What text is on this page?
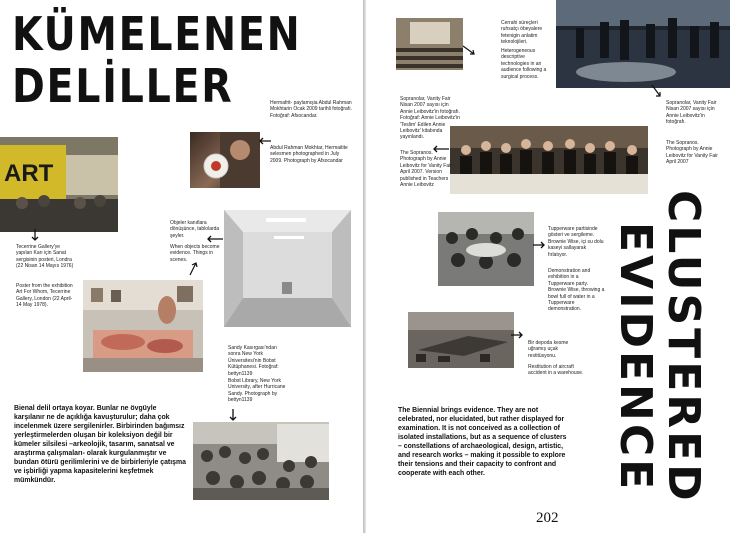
KÜMELENEN
DELİLLER	Hermafrit- paylamışia Abdul Rahman Mokhtarin Ocak 2009 tarihli fotoğrafı. Fotoğraf: Afsocandar.
Abdul Rahman Mokhtar, Hermaitite selesmen photographed in July 2009. Photograph by Afsocandar
ART
Tecerrine Gallery'ye yapılan Karı için Sanat sergisinin posteri, Londra (22 Nisan 14 Mayıs 1976)
Poster from the exhibition Art For Whom, Tecerrine Gallery, London (22 April- 14 May 1978).
Objeler kanıtlara dönüşünce, tablolarda şeyler.
When objects become evidence. Things in scenes.
Sandy Kasırgası'ndan sonra New York Üniversitesi'nin Bobst Kütüphanesi. Fotoğraf: bettyn1139
Bobst Library, New York University, after Hurricane Sandy. Photograph by bettyn1139
Bienal delil ortaya koyar. Bunlar ne övgüyle karşılanır ne de açıklığa kavuşturulur; daha çok incelenmek üzere sergilenirler. Birbirinden bağımsız yerleştirmelerden oluşan bir koleksiyon değil bir kümeler silsilesi –arkeolojik, tasarım, sanatsal ve araştırma çalışmaları- olarak kurgulanmıştır ve bundan ötürü gerilimlerini ve de birbirleriyle çatışma ve işbirliği yapma kapasitelerini keşfetmek mümkündür.
Cerrahi süreçleri ruhsatçı öbeyalere fetenigin anlatim teknolojileri.
Heterogeneous descriptive technologies in an audience following a surgical process.
Sopranolar, Vanity Fair Nisan 2007 sayısı için Annie Leibovitz'in fotoğrafı.
The Sopranos. Photograph by Annie Leibovitz for Vanity Fair April 2007
Sopranolar, Vanity Fair Nisan 2007 sayısı için Annie Leibovitz'in fotoğrafı. Fotoğraf: Annie Leibovitz'in 'Teslim' Edilen Annie Leibovitz' kitabında yayınlandı.
The Sopranos. Photograph by Annie Leibovitz for Vanity Fair April 2007. Version published in Teachers Annie Leibovitz
Tupperware partisinde gösteri ve sergileme. Brownie Wise, içi su dolu kaseyi sallayarak fırlatıyor.
Demonstration and exhibition in a Tupperware party. Brownie Wise, throwing a bowl full of water in a Tupperware demonstration.
Bir depoda kesme uğramış uçak restitüsyonu.
Restitution of aircraft accident in a warehouse. CLUSTERED
EVIDENCE
The Biennial brings evidence. They are not celebrated, nor elucidated, but rather displayed for examination. It is not conceived as a collection of isolated installations, but as a sequence of clusters – constellations of archaeological, design, artistic, and research works – making it possible to explore their tensions and their capacity to confront and cooperate with each other.
202
